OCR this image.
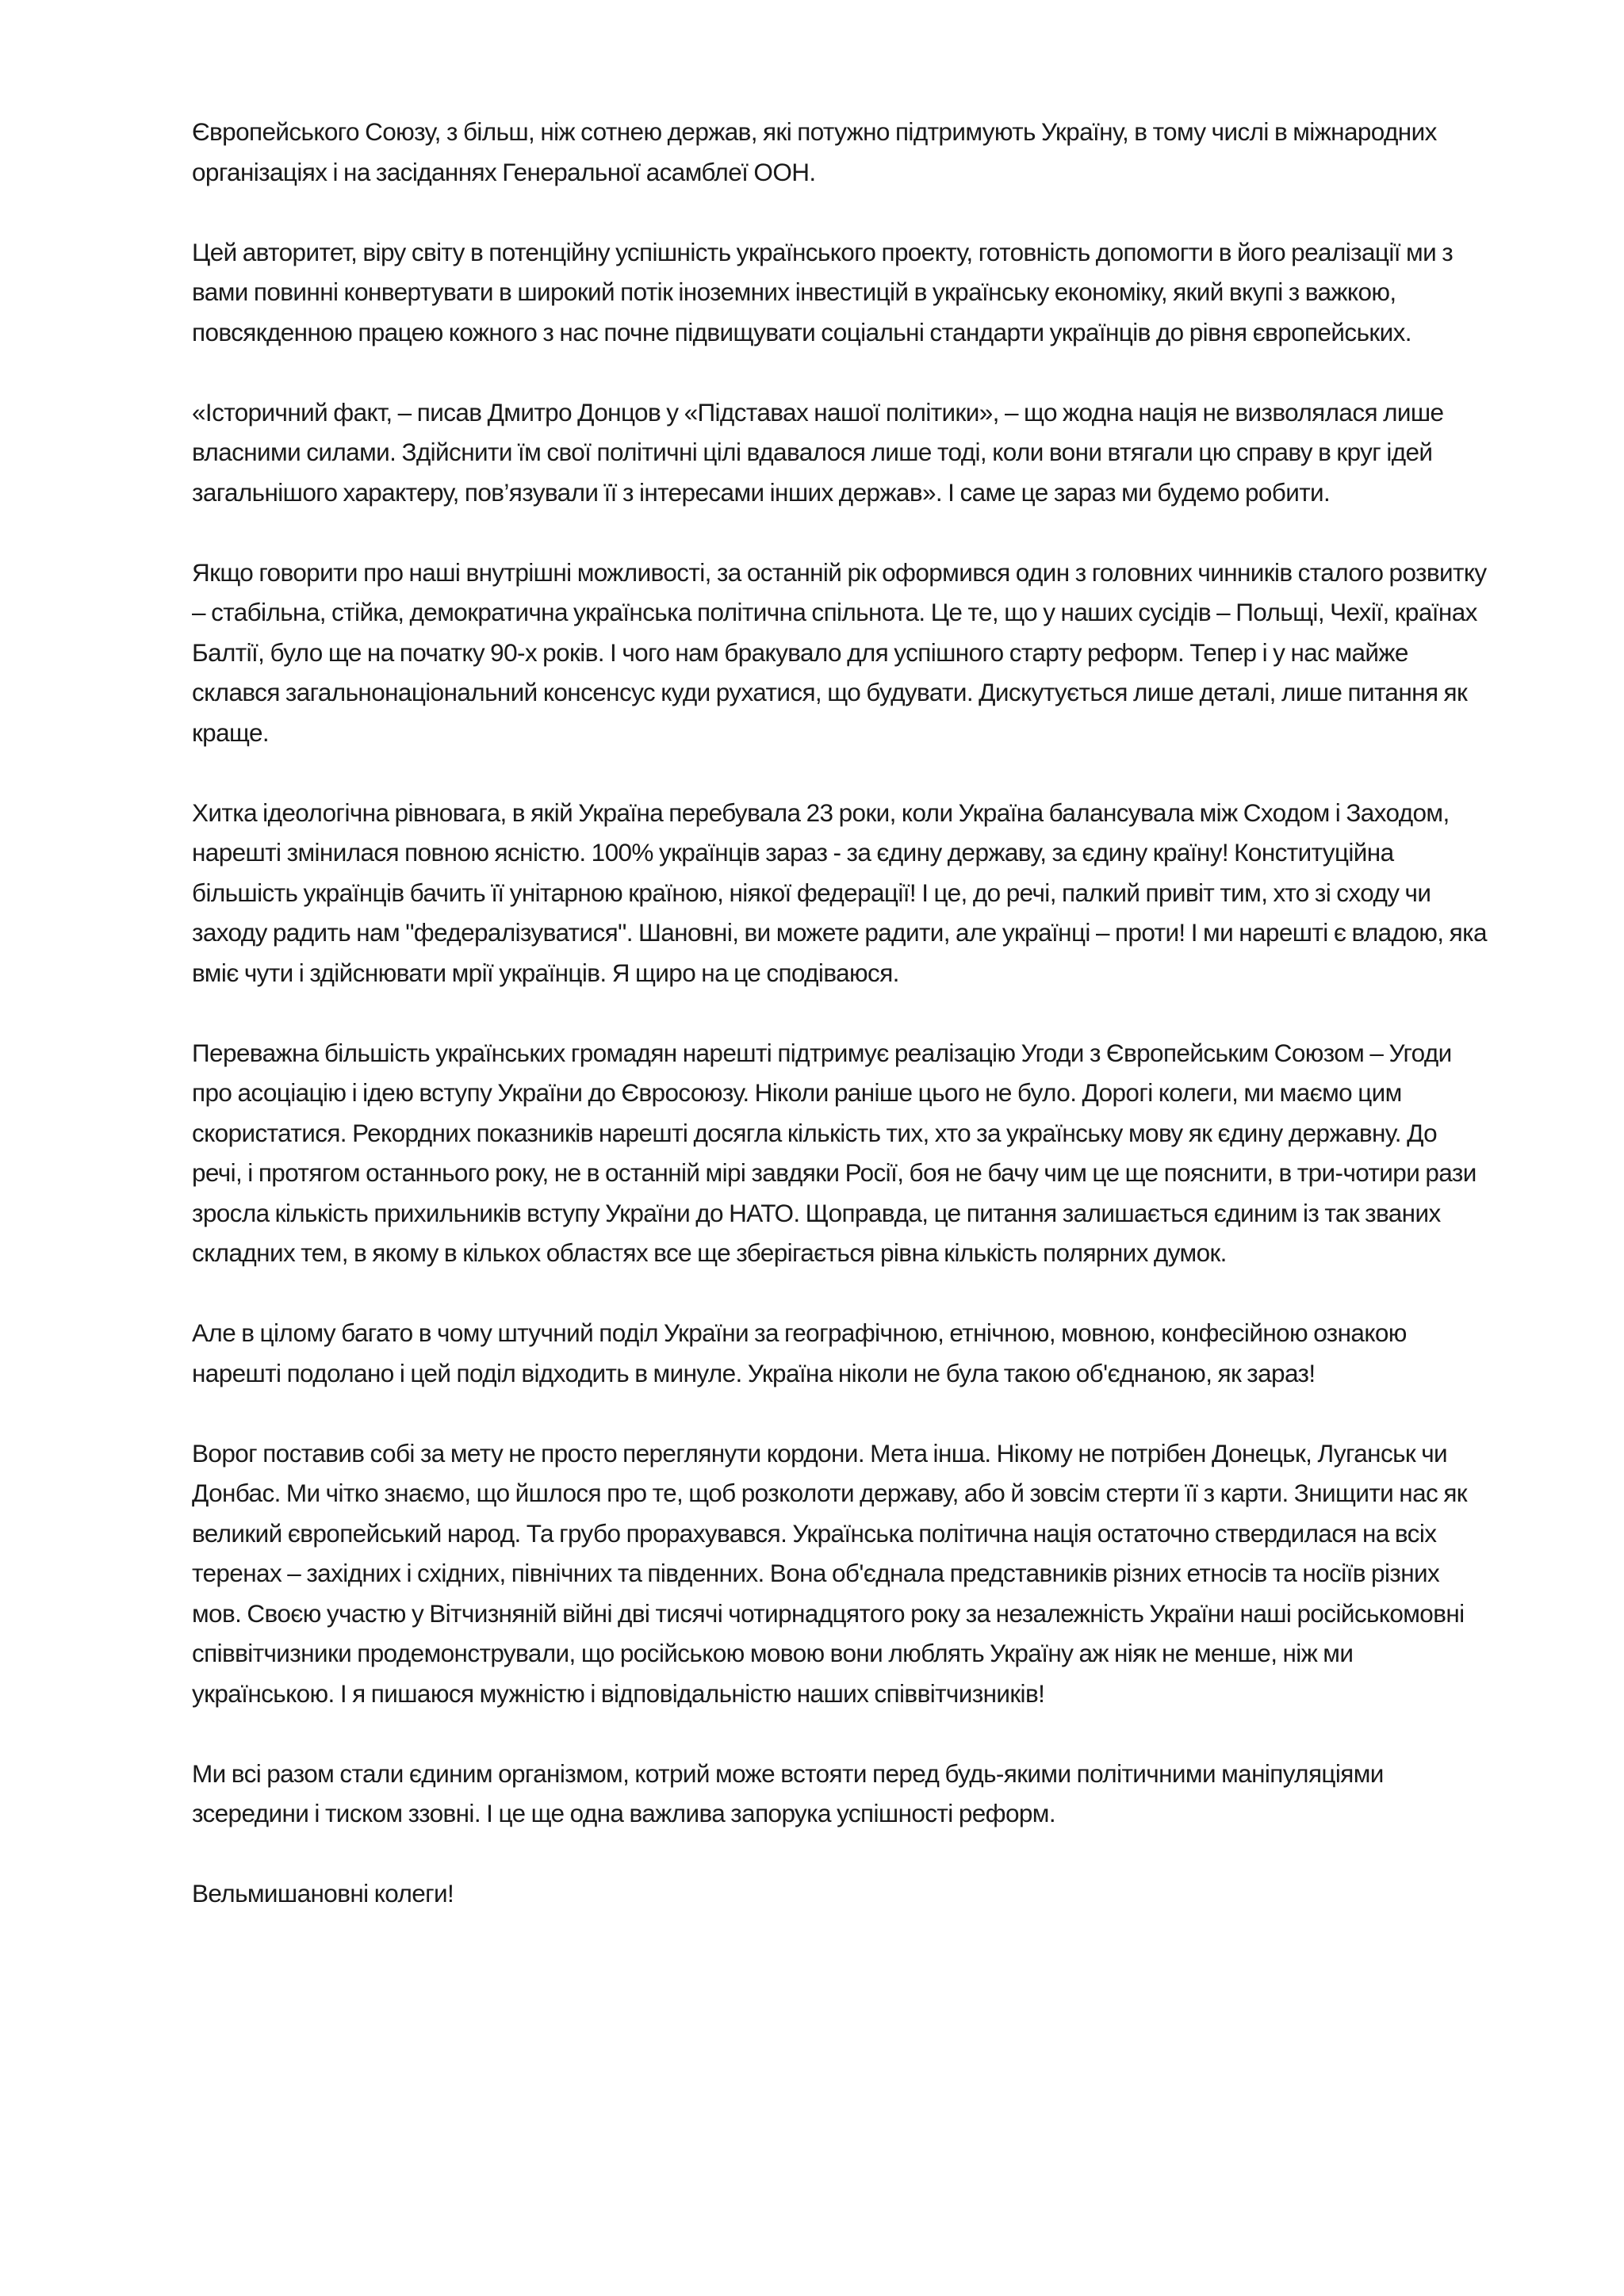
Європейського Союзу, з більш, ніж сотнею держав, які потужно підтримують Україну, в тому числі в міжнародних організаціях і на засіданнях Генеральної асамблеї ООН.

Цей авторитет, віру світу в потенційну успішність українського проекту, готовність допомогти в його реалізації ми з вами повинні конвертувати в широкий потік іноземних інвестицій в українську економіку, який вкупі з важкою, повсякденною працею кожного з нас почне підвищувати соціальні стандарти українців до рівня європейських.

«Історичний факт, – писав Дмитро Донцов у «Підставах нашої політики», – що жодна нація не визволялася лише власними силами. Здійснити їм свої політичні цілі вдавалося лише тоді, коли вони втягали цю справу в круг ідей загальнішого характеру, пов’язували її з інтересами інших держав». І саме це зараз ми будемо робити.

Якщо говорити про наші внутрішні можливості, за останній рік оформився один з головних чинників сталого розвитку – стабільна, стійка, демократична українська політична спільнота. Це те, що у наших сусідів – Польщі, Чехії, країнах Балтії, було ще на початку 90-х років. І чого нам бракувало для успішного старту реформ. Тепер і у нас майже склався загальнонаціональний консенсус куди рухатися, що будувати. Дискутується лише деталі, лише питання як краще.

Хитка ідеологічна рівновага, в якій Україна перебувала 23 роки, коли Україна балансувала між Сходом і Заходом, нарешті змінилася повною ясністю. 100% українців зараз - за єдину державу, за єдину країну! Конституційна більшість українців бачить її унітарною країною, ніякої федерації! І це, до речі, палкий привіт тим, хто зі сходу чи заходу радить нам "федералізуватися". Шановні, ви можете радити, але українці – проти! І ми нарешті є владою, яка вміє чути і здійснювати мрії українців. Я щиро на це сподіваюся.

Переважна більшість українських громадян нарешті підтримує реалізацію Угоди з Європейським Союзом – Угоди про асоціацію і ідею вступу України до Євросоюзу. Ніколи раніше цього не було. Дорогі колеги, ми маємо цим скористатися. Рекордних показників нарешті досягла кількість тих, хто за українську мову як єдину державну. До речі, і протягом останнього року, не в останній мірі завдяки Росії, боя не бачу чим це ще пояснити, в три-чотири рази зросла кількість прихильників вступу України до НАТО. Щоправда, це питання залишається єдиним із так званих складних тем, в якому в кількох областях все ще зберігається рівна кількість полярних думок.

Але в цілому багато в чому штучний поділ України за географічною, етнічною, мовною, конфесійною ознакою нарешті подолано і цей поділ відходить в минуле. Україна ніколи не була такою об'єднаною, як зараз!

Ворог поставив собі за мету не просто переглянути кордони. Мета інша. Нікому не потрібен Донецьк, Луганськ чи Донбас. Ми чітко знаємо, що йшлося про те, щоб розколоти державу, або й зовсім стерти її з карти. Знищити нас як великий європейський народ. Та грубо прорахувався. Українська політична нація остаточно ствердилася на всіх теренах – західних і східних, північних та південних. Вона об'єднала представників різних етносів та носіїв різних мов. Своєю участю у Вітчизняній війні дві тисячі чотирнадцятого року за незалежність України наші російськомовні співвітчизники продемонстрували, що російською мовою вони люблять Україну аж ніяк не менше, ніж ми українською. І я пишаюся мужністю і відповідальністю наших співвітчизників!

Ми всі разом стали єдиним організмом, котрий може встояти перед будь-якими політичними маніпуляціями зсередини і тиском ззовні. І це ще одна важлива запорука успішності реформ.

Вельмишановні колеги!
